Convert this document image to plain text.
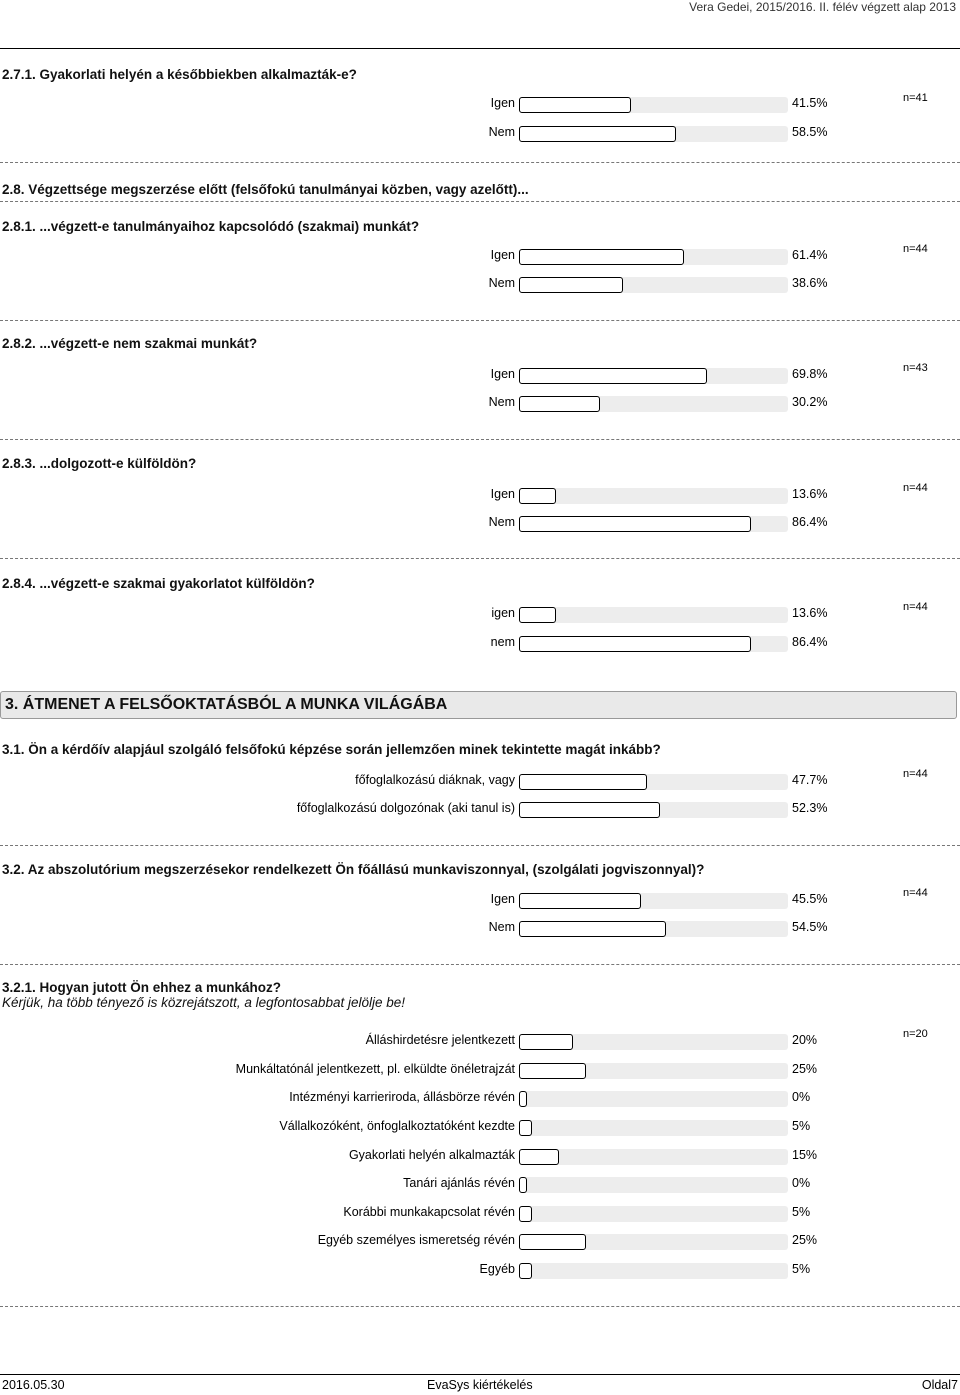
Vera Gedei, 2015/2016. II. félév végzett alap 2013
2.7.1. Gyakorlati helyén a későbbiekben alkalmazták-e?
n=41
Igen	41.5%
Nem	58.5%
2.8. Végzettsége megszerzése előtt (felsőfokú tanulmányai közben, vagy azelőtt)...
2.8.1. ...végzett-e tanulmányaihoz kapcsolódó (szakmai) munkát?
n=44
Igen	61.4%
Nem	38.6%
2.8.2. ...végzett-e nem szakmai munkát?
n=43
Igen	69.8%
Nem	30.2%
2.8.3. ...dolgozott-e külföldön?
n=44
Igen	13.6%
Nem	86.4%
2.8.4. ...végzett-e szakmai gyakorlatot külföldön?
n=44
igen	13.6%
nem	86.4%
3. ÁTMENET A FELSŐOKTATÁSBÓL A MUNKA VILÁGÁBA
3.1. Ön a kérdőív alapjául szolgáló felsőfokú képzése során jellemzően minek tekintette magát inkább?
n=44
főfoglalkozású diáknak, vagy	47.7%
főfoglalkozású dolgozónak (aki tanul is)	52.3%
3.2. Az abszolutórium megszerzésekor rendelkezett Ön főállású munkaviszonnyal, (szolgálati jogviszonnyal)?
n=44
Igen	45.5%
Nem	54.5%
3.2.1. Hogyan jutott Ön ehhez a munkához?
Kérjük, ha több tényező is közrejátszott, a legfontosabbat jelölje be!
n=20
Álláshirdetésre jelentkezett	20%
Munkáltatónál jelentkezett, pl. elküldte önéletrajzát	25%
Intézményi karrieriroda, állásbörze révén	0%
Vállalkozóként, önfoglalkoztatóként kezdte	5%
Gyakorlati helyén alkalmazták	15%
Tanári ajánlás révén	0%
Korábbi munkakapcsolat révén	5%
Egyéb személyes ismeretség révén	25%
Egyéb	5%
2016.05.30	EvaSys kiértékelés	Oldal7
